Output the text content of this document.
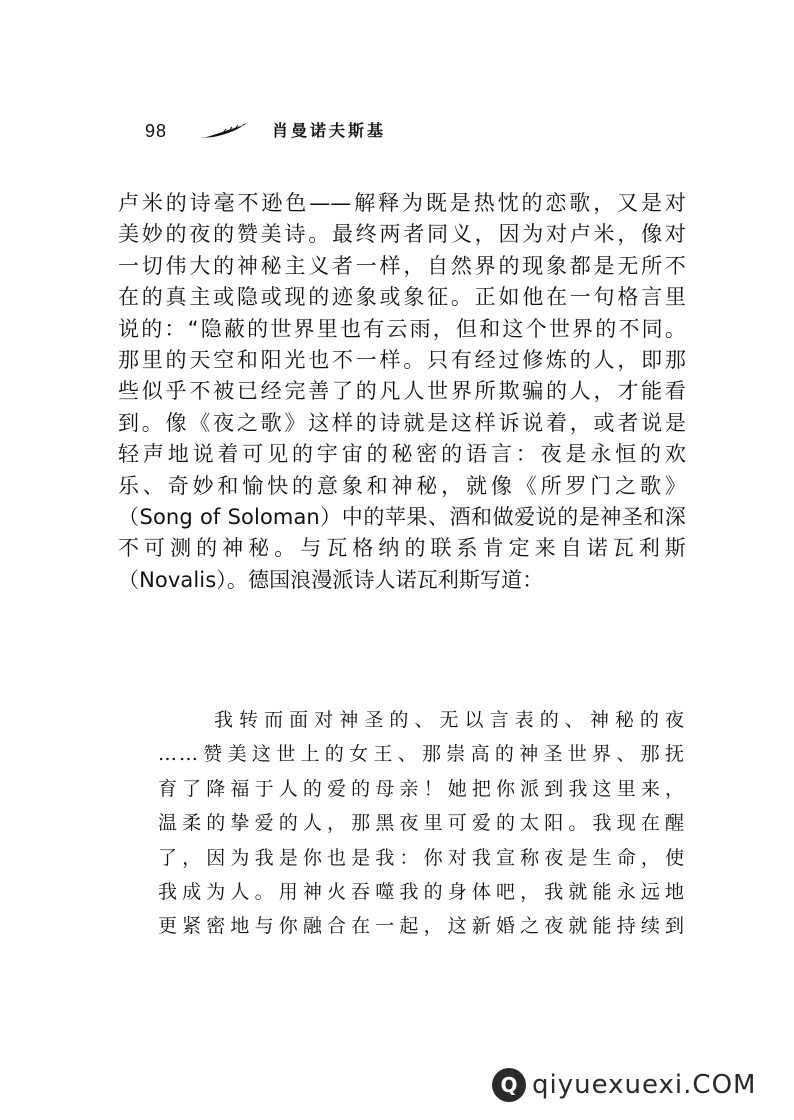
98	肖曼诺夫斯基
卢米的诗毫不逊色——解释为既是热忱的恋歌，又是对
美妙的夜的赞美诗。最终两者同义，因为对卢米，像对
一切伟大的神秘主义者一样，自然界的现象都是无所不
在的真主或隐或现的迹象或象征。正如他在一句格言里
说的：“隐蔽的世界里也有云雨，但和这个世界的不同。
那里的天空和阳光也不一样。只有经过修炼的人，即那
些似乎不被已经完善了的凡人世界所欺骗的人，才能看
到。像《夜之歌》这样的诗就是这样诉说着，或者说是
轻声地说着可见的宇宙的秘密的语言：夜是永恒的欢
乐、奇妙和愉快的意象和神秘，就像《所罗门之歌》
（Song of Soloman）中的苹果、酒和做爱说的是神圣和深
不可测的神秘。与瓦格纳的联系肯定来自诺瓦利斯
（Novalis）。德国浪漫派诗人诺瓦利斯写道：
我转而面对神圣的、无以言表的、神秘的夜
……赞美这世上的女王、那崇高的神圣世界、那抚
育了降福于人的爱的母亲！她把你派到我这里来，
温柔的挚爱的人，那黑夜里可爱的太阳。我现在醒
了，因为我是你也是我：你对我宣称夜是生命，使
我成为人。用神火吞噬我的身体吧，我就能永远地
更紧密地与你融合在一起，这新婚之夜就能持续到
Q qiyuexuexi.COM
